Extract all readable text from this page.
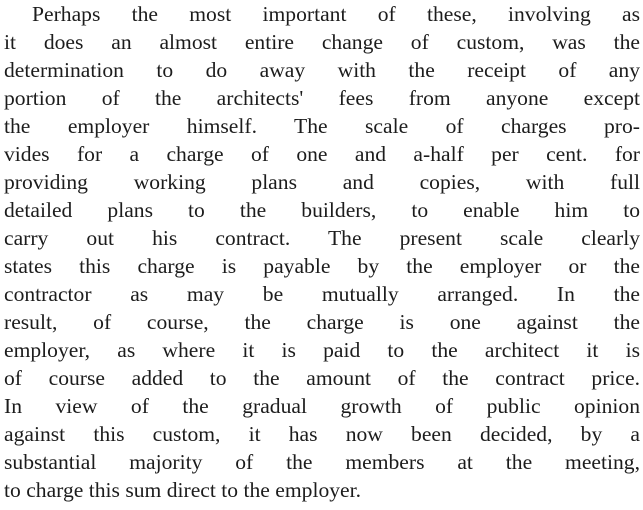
Perhaps the most important of these, involving as

it does an almost entire change of custom, was the

determination to do away with the receipt of any

portion of the architects' fees from anyone except

the employer himself. The scale of charges pro-

vides for a charge of one and a-half per cent. for

providing working plans and copies, with full

detailed plans to the builders, to enable him to

carry out his contract. The present scale clearly

states this charge is payable by the employer or the

contractor as may be mutually arranged. In the

result, of course, the charge is one against the

employer, as where it is paid to the architect it is

of course added to the amount of the contract price.

In view of the gradual growth of public opinion

against this custom, it has now been decided, by a

substantial majority of the members at the meeting,

to charge this sum direct to the employer.
